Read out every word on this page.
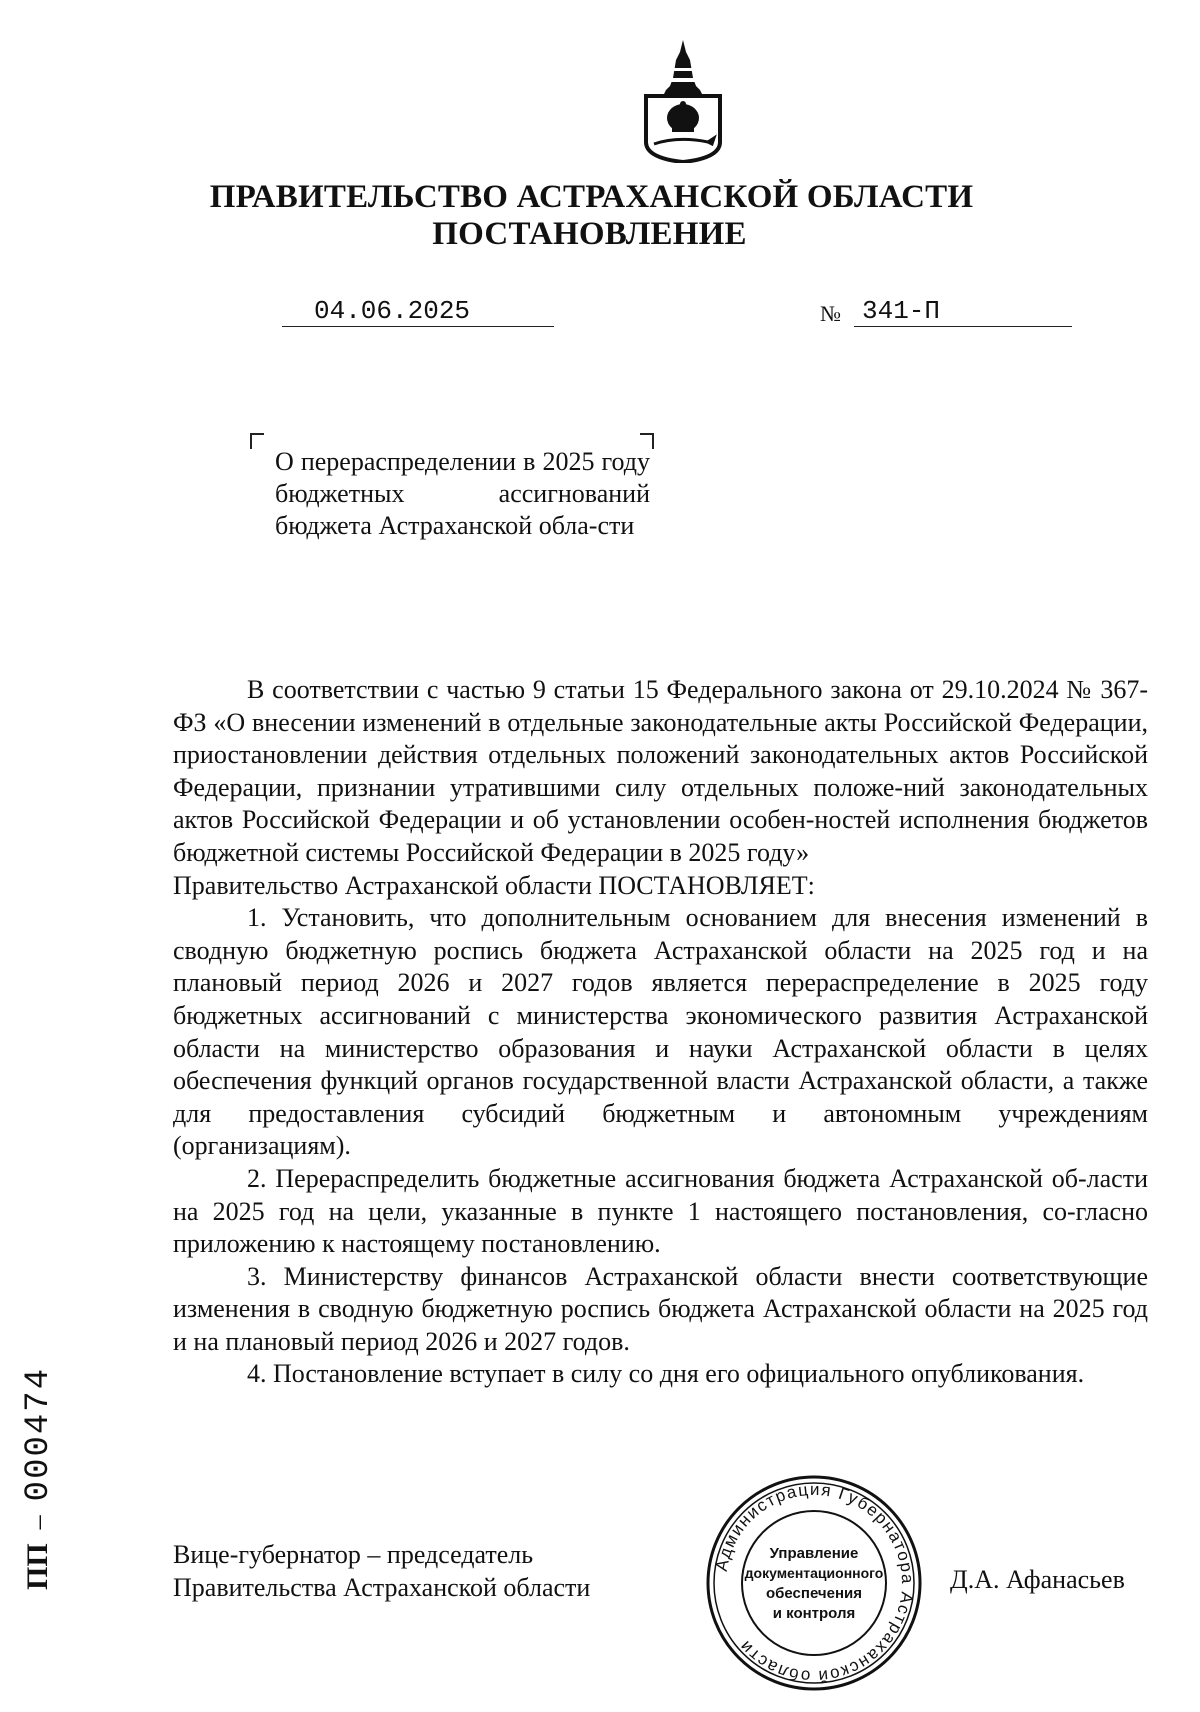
ПРАВИТЕЛЬСТВО АСТРАХАНСКОЙ ОБЛАСТИ
ПОСТАНОВЛЕНИЕ
04.06.2025	№ 341-П
О перераспределении в 2025 году бюджетных ассигнований бюджета Астраханской обла-сти

В соответствии с частью 9 статьи 15 Федерального закона от 29.10.2024 № 367-ФЗ «О внесении изменений в отдельные законодательные акты Российской Федерации, приостановлении действия отдельных положений законодательных актов Российской Федерации, признании утратившими силу отдельных положе-ний законодательных актов Российской Федерации и об установлении особен-ностей исполнения бюджетов бюджетной системы Российской Федерации в 2025 году»

Правительство Астраханской области ПОСТАНОВЛЯЕТ:

1. Установить, что дополнительным основанием для внесения изменений в сводную бюджетную роспись бюджета Астраханской области на 2025 год и на плановый период 2026 и 2027 годов является перераспределение в 2025 году бюджетных ассигнований с министерства экономического развития Астраханской области на министерство образования и науки Астраханской области в целях обеспечения функций органов государственной власти Астраханской области, а также для предоставления субсидий бюджетным и автономным учреждениям (организациям).

2. Перераспределить бюджетные ассигнования бюджета Астраханской об-ласти на 2025 год на цели, указанные в пункте 1 настоящего постановления, со-гласно приложению к настоящему постановлению.

3. Министерству финансов Астраханской области внести соответствующие изменения в сводную бюджетную роспись бюджета Астраханской области на 2025 год и на плановый период 2026 и 2027 годов.

4. Постановление вступает в силу со дня его официального опубликования.

Вице-губернатор – председатель
Правительства Астраханской области	Д.А. Афанасьев
Администрация Губернатора Астраханской области
Управление
документационного
обеспечения
и контроля
ПП–000474
